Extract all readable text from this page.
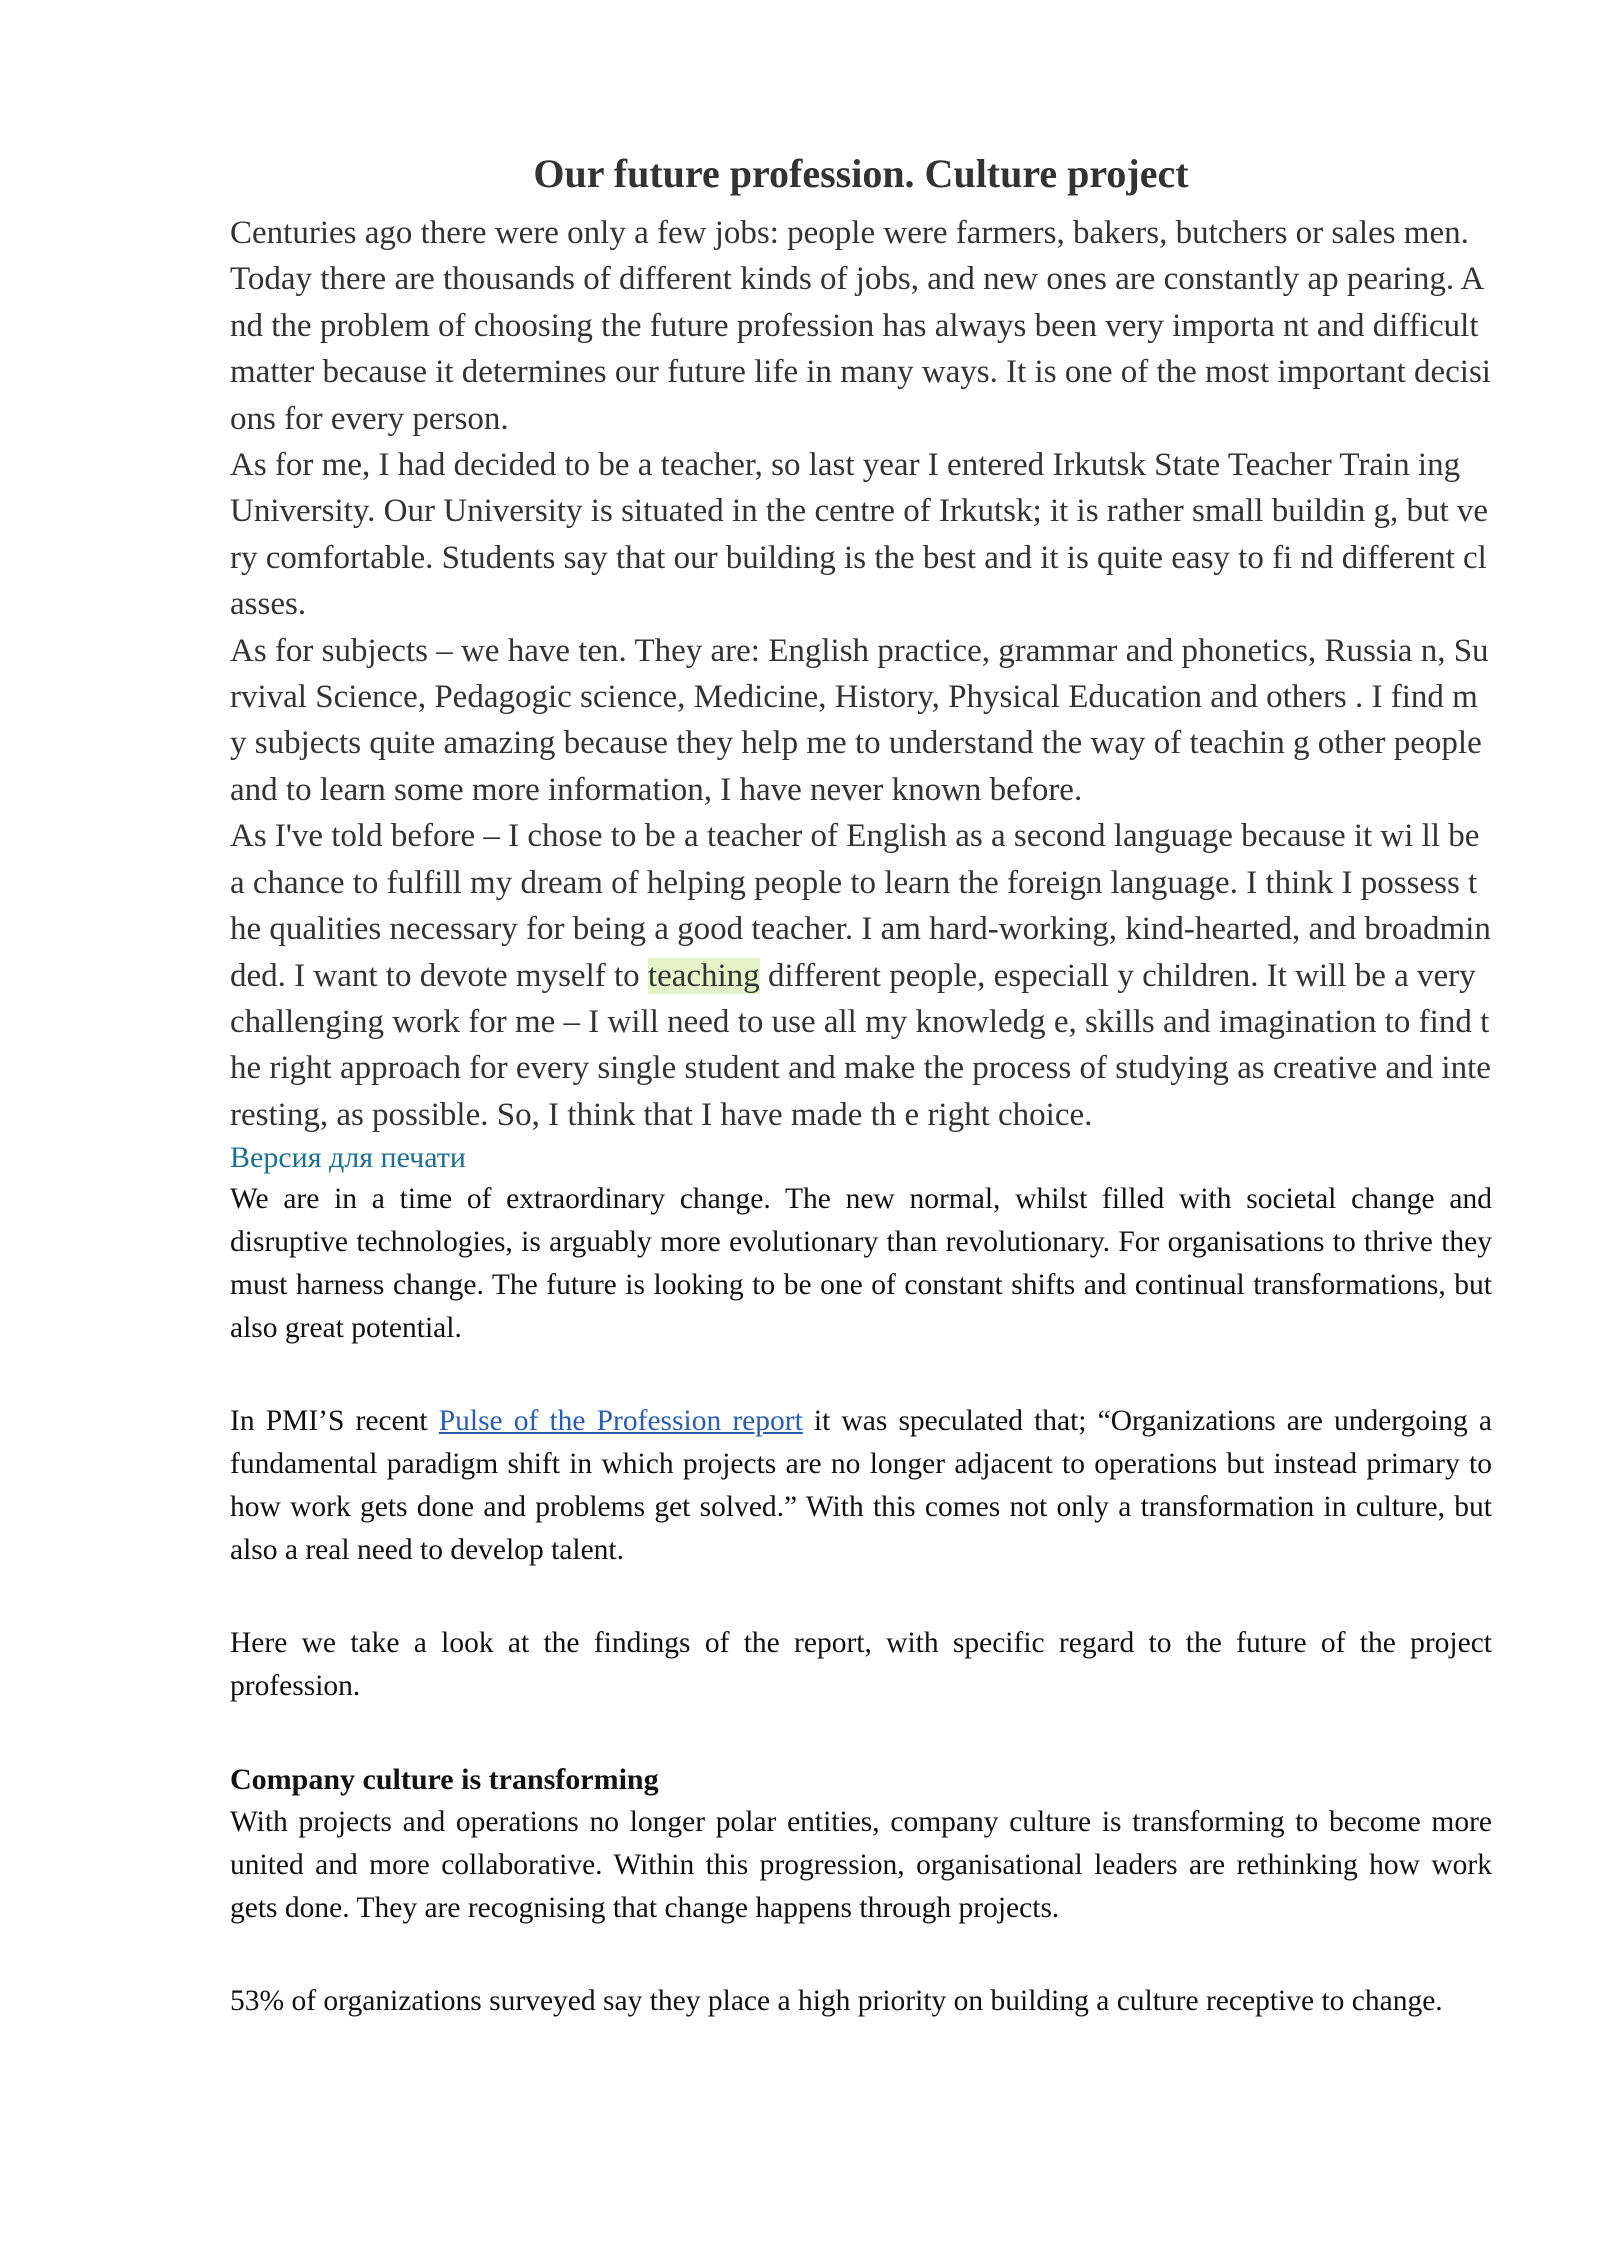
Our future profession. Culture project

Centuries ago there were only a few jobs: people were farmers, bakers, butchers or sales men. Today there are thousands of different kinds of jobs, and new ones are constantly ap pearing. And the problem of choosing the future profession has always been very importa nt and difficult matter because it determines our future life in many ways. It is one of the most important decisions for every person.

As for me, I had decided to be a teacher, so last year I entered Irkutsk State Teacher Train ing University. Our University is situated in the centre of Irkutsk; it is rather small buildin g, but very comfortable. Students say that our building is the best and it is quite easy to fi nd different classes.

As for subjects – we have ten. They are: English practice, grammar and phonetics, Russia n, Survival Science, Pedagogic science, Medicine, History, Physical Education and others . I find my subjects quite amazing because they help me to understand the way of teachin g other people and to learn some more information, I have never known before.

As I've told before – I chose to be a teacher of English as a second language because it wi ll be a chance to fulfill my dream of helping people to learn the foreign language. I think I possess the qualities necessary for being a good teacher. I am hard-working, kind-hearted, and broadminded. I want to devote myself to teaching different people, especiall y children. It will be a very challenging work for me – I will need to use all my knowledg e, skills and imagination to find the right approach for every single student and make the process of studying as creative and interesting, as possible. So, I think that I have made th e right choice.

Версия для печати

We are in a time of extraordinary change. The new normal, whilst filled with societal change and disruptive technologies, is arguably more evolutionary than revolutionary. For organisations to thrive they must harness change. The future is looking to be one of constant shifts and continual transformations, but also great potential.

In PMI’S recent Pulse of the Profession report it was speculated that; “Organizations are undergoing a fundamental paradigm shift in which projects are no longer adjacent to operations but instead primary to how work gets done and problems get solved.” With this comes not only a transformation in culture, but also a real need to develop talent.

Here we take a look at the findings of the report, with specific regard to the future of the project profession.

Company culture is transforming

With projects and operations no longer polar entities, company culture is transforming to become more united and more collaborative. Within this progression, organisational leaders are rethinking how work gets done. They are recognising that change happens through projects.

53% of organizations surveyed say they place a high priority on building a culture receptive to change.
